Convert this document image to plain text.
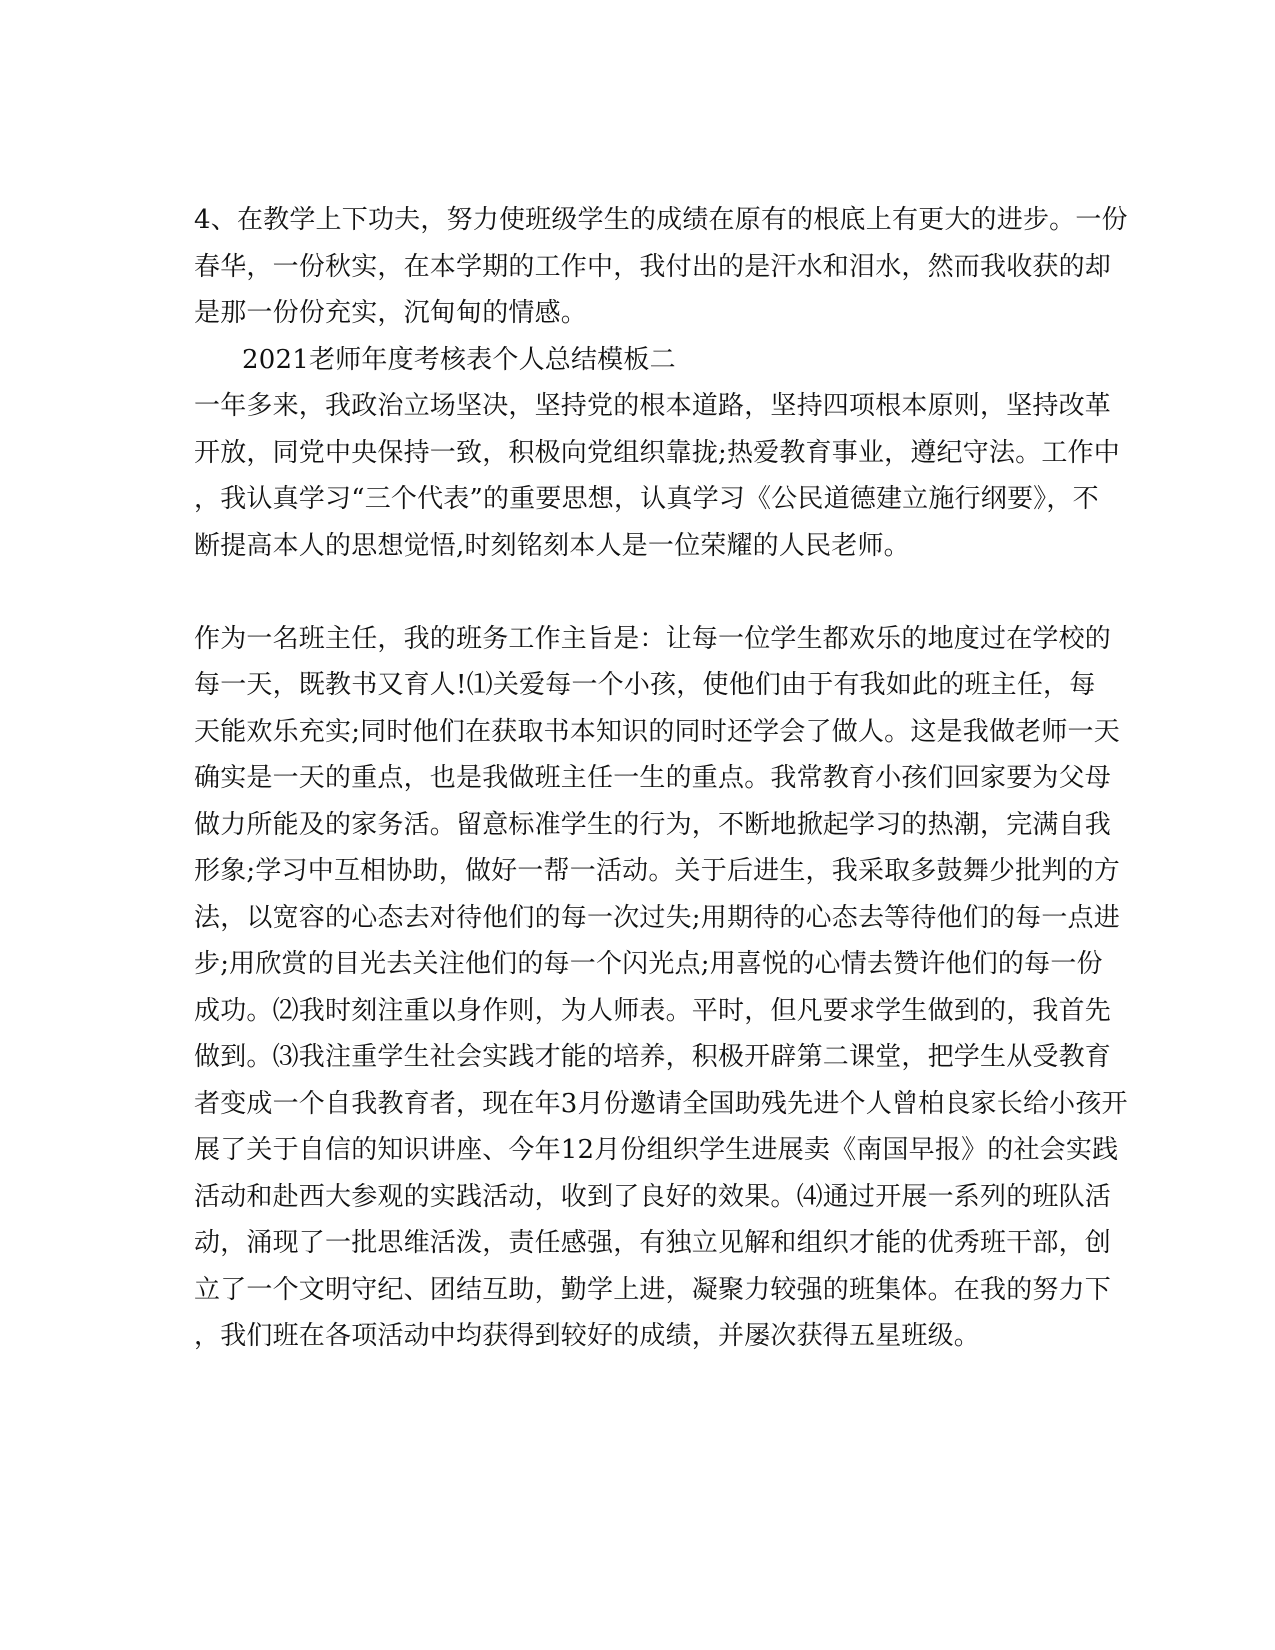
4、在教学上下功夫，努力使班级学生的成绩在原有的根底上有更大的进步。一份
春华，一份秋实，在本学期的工作中，我付出的是汗水和泪水，然而我收获的却
是那一份份充实，沉甸甸的情感。
2021老师年度考核表个人总结模板二
一年多来，我政治立场坚决，坚持党的根本道路，坚持四项根本原则，坚持改革
开放，同党中央保持一致，积极向党组织靠拢;热爱教育事业，遵纪守法。工作中
，我认真学习“三个代表”的重要思想，认真学习《公民道德建立施行纲要》，不
断提高本人的思想觉悟,时刻铭刻本人是一位荣耀的人民老师。
作为一名班主任，我的班务工作主旨是：让每一位学生都欢乐的地度过在学校的
每一天，既教书又育人!⑴关爱每一个小孩，使他们由于有我如此的班主任，每
天能欢乐充实;同时他们在获取书本知识的同时还学会了做人。这是我做老师一天
确实是一天的重点，也是我做班主任一生的重点。我常教育小孩们回家要为父母
做力所能及的家务活。留意标准学生的行为，不断地掀起学习的热潮，完满自我
形象;学习中互相协助，做好一帮一活动。关于后进生，我采取多鼓舞少批判的方
法，以宽容的心态去对待他们的每一次过失;用期待的心态去等待他们的每一点进
步;用欣赏的目光去关注他们的每一个闪光点;用喜悦的心情去赞许他们的每一份
成功。⑵我时刻注重以身作则，为人师表。平时，但凡要求学生做到的，我首先
做到。⑶我注重学生社会实践才能的培养，积极开辟第二课堂，把学生从受教育
者变成一个自我教育者，现在年3月份邀请全国助残先进个人曾柏良家长给小孩开
展了关于自信的知识讲座、今年12月份组织学生进展卖《南国早报》的社会实践
活动和赴西大参观的实践活动，收到了良好的效果。⑷通过开展一系列的班队活
动，涌现了一批思维活泼，责任感强，有独立见解和组织才能的优秀班干部，创
立了一个文明守纪、团结互助，勤学上进，凝聚力较强的班集体。在我的努力下
，我们班在各项活动中均获得到较好的成绩，并屡次获得五星班级。
